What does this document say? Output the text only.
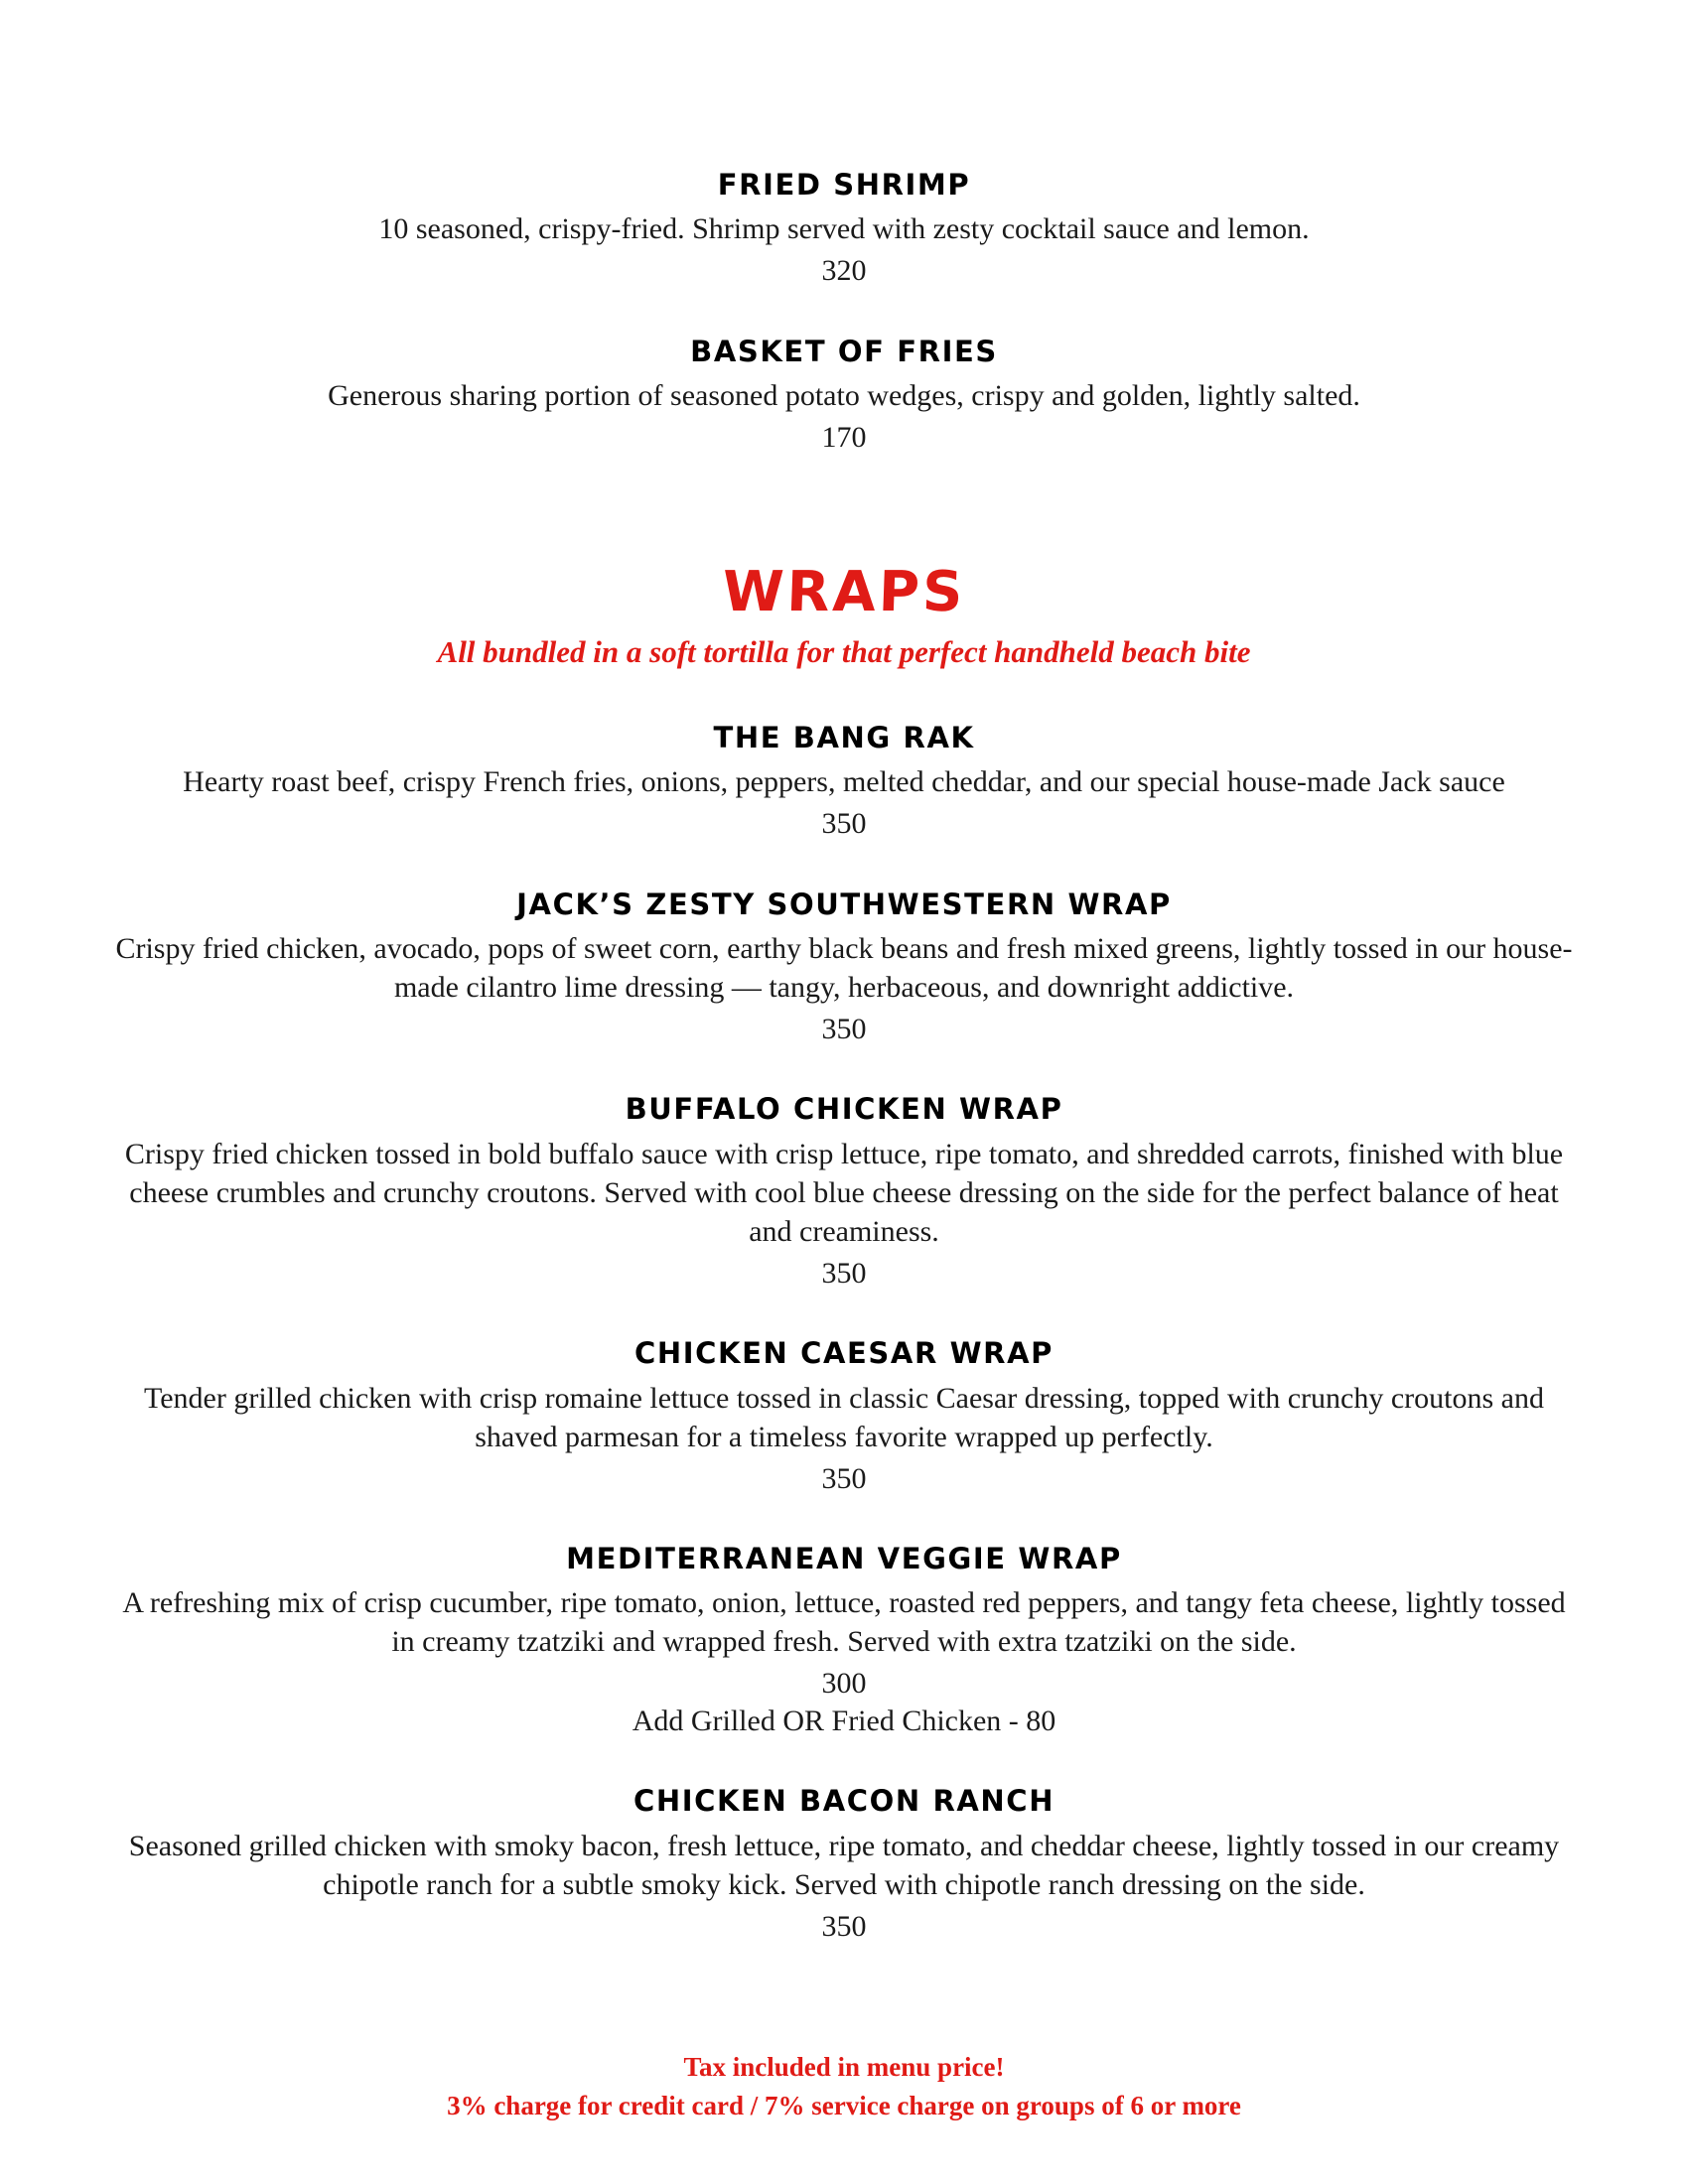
FRIED SHRIMP

10 seasoned, crispy-fried. Shrimp served with zesty cocktail sauce and lemon.

320

BASKET OF FRIES

Generous sharing portion of seasoned potato wedges, crispy and golden, lightly salted.

170

WRAPS

All bundled in a soft tortilla for that perfect handheld beach bite

THE BANG RAK

Hearty roast beef, crispy French fries, onions, peppers, melted cheddar, and our special house-made Jack sauce

350

JACK’S ZESTY SOUTHWESTERN WRAP

Crispy fried chicken, avocado, pops of sweet corn, earthy black beans and fresh mixed greens, lightly tossed in our house-made cilantro lime dressing — tangy, herbaceous, and downright addictive.

350

BUFFALO CHICKEN WRAP

Crispy fried chicken tossed in bold buffalo sauce with crisp lettuce, ripe tomato, and shredded carrots, finished with blue cheese crumbles and crunchy croutons. Served with cool blue cheese dressing on the side for the perfect balance of heat and creaminess.

350

CHICKEN CAESAR WRAP

Tender grilled chicken with crisp romaine lettuce tossed in classic Caesar dressing, topped with crunchy croutons and shaved parmesan for a timeless favorite wrapped up perfectly.

350

MEDITERRANEAN VEGGIE WRAP

A refreshing mix of crisp cucumber, ripe tomato, onion, lettuce, roasted red peppers, and tangy feta cheese, lightly tossed in creamy tzatziki and wrapped fresh. Served with extra tzatziki on the side.

300

Add Grilled OR Fried Chicken - 80

CHICKEN BACON RANCH

Seasoned grilled chicken with smoky bacon, fresh lettuce, ripe tomato, and cheddar cheese, lightly tossed in our creamy chipotle ranch for a subtle smoky kick. Served with chipotle ranch dressing on the side.

350

Tax included in menu price!

3% charge for credit card / 7% service charge on groups of 6 or more
